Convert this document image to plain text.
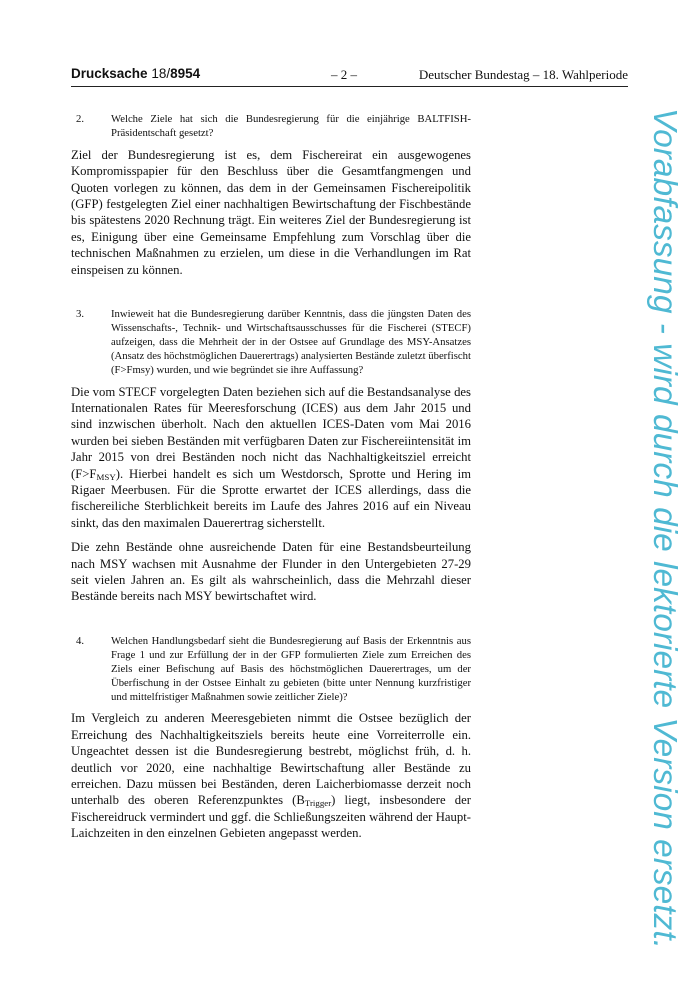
Drucksache 18/8954	– 2 –	Deutscher Bundestag – 18. Wahlperiode
2.	Welche Ziele hat sich die Bundesregierung für die einjährige BALTFISH-Präsidentschaft gesetzt?

Ziel der Bundesregierung ist es, dem Fischereirat ein ausgewogenes Kompromisspapier für den Beschluss über die Gesamtfangmengen und Quoten vorlegen zu können, das dem in der Gemeinsamen Fischereipolitik (GFP) festgelegten Ziel einer nachhaltigen Bewirtschaftung der Fischbestände bis spätestens 2020 Rechnung trägt. Ein weiteres Ziel der Bundesregierung ist es, Einigung über eine Gemeinsame Empfehlung zum Vorschlag über die technischen Maßnahmen zu erzielen, um diese in die Verhandlungen im Rat einspeisen zu können.

3.	Inwieweit hat die Bundesregierung darüber Kenntnis, dass die jüngsten Daten des Wissenschafts-, Technik- und Wirtschaftsausschusses für die Fischerei (STECF) aufzeigen, dass die Mehrheit der in der Ostsee auf Grundlage des MSY-Ansatzes (Ansatz des höchstmöglichen Dauerertrags) analysierten Bestände zuletzt überfischt (F>Fmsy) wurden, und wie begründet sie ihre Auffassung?

Die vom STECF vorgelegten Daten beziehen sich auf die Bestandsanalyse des Internationalen Rates für Meeresforschung (ICES) aus dem Jahr 2015 und sind inzwischen überholt. Nach den aktuellen ICES-Daten vom Mai 2016 wurden bei sieben Beständen mit verfügbaren Daten zur Fischereiintensität im Jahr 2015 von drei Beständen noch nicht das Nachhaltigkeitsziel erreicht $(F>F_{MSY})$. Hierbei handelt es sich um Westdorsch, Sprotte und Hering im Rigaer Meerbusen. Für die Sprotte erwartet der ICES allerdings, dass die fischereiliche Sterblichkeit bereits im Laufe des Jahres 2016 auf ein Niveau sinkt, das den maximalen Dauerertrag sicherstellt.

Die zehn Bestände ohne ausreichende Daten für eine Bestandsbeurteilung nach MSY wachsen mit Ausnahme der Flunder in den Untergebieten 27-29 seit vielen Jahren an. Es gilt als wahrscheinlich, dass die Mehrzahl dieser Bestände bereits nach MSY bewirtschaftet wird.

4.	Welchen Handlungsbedarf sieht die Bundesregierung auf Basis der Erkenntnis aus Frage 1 und zur Erfüllung der in der GFP formulierten Ziele zum Erreichen des Ziels einer Befischung auf Basis des höchstmöglichen Dauerertrages, um der Überfischung in der Ostsee Einhalt zu gebieten (bitte unter Nennung kurzfristiger und mittelfristiger Maßnahmen sowie zeitlicher Ziele)?

Im Vergleich zu anderen Meeresgebieten nimmt die Ostsee bezüglich der Erreichung des Nachhaltigkeitsziels bereits heute eine Vorreiterrolle ein. Ungeachtet dessen ist die Bundesregierung bestrebt, möglichst früh, d. h. deutlich vor 2020, eine nachhaltige Bewirtschaftung aller Bestände zu erreichen. Dazu müssen bei Beständen, deren Laicherbiomasse derzeit noch unterhalb des oberen Referenzpunktes $(B_{Trigger})$ liegt, insbesondere der Fischereidruck vermindert und ggf. die Schließungszeiten während der Haupt-Laichzeiten in den einzelnen Gebieten angepasst werden.	Vorabfassung - wird durch die lektorierte Version ersetzt.
